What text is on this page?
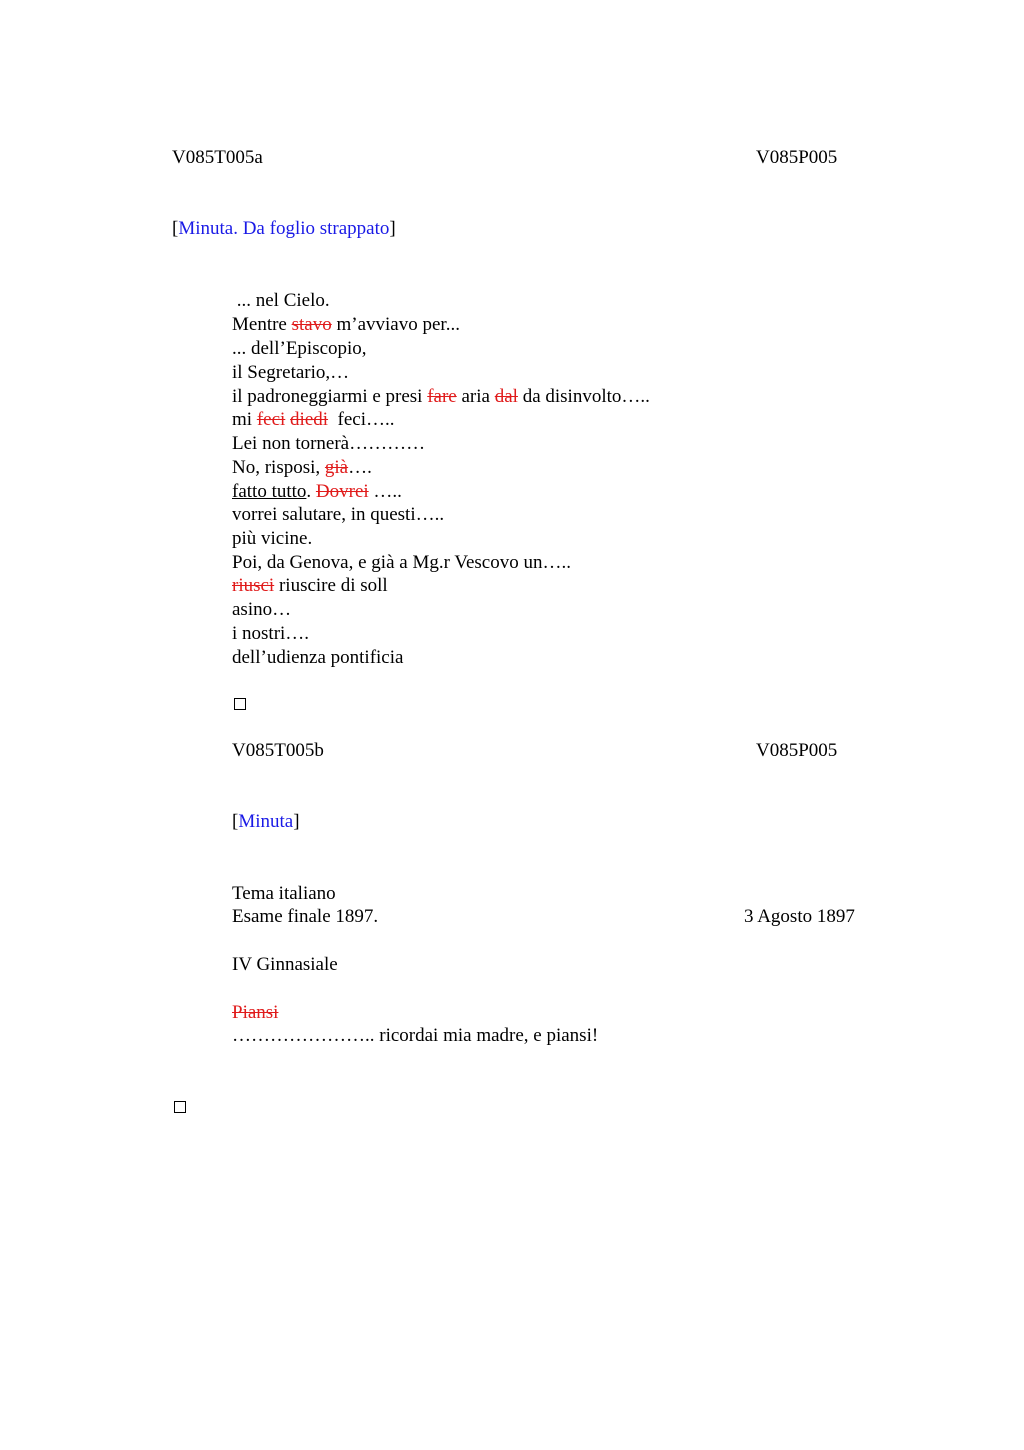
V085T005a	V085P005
[Minuta. Da foglio strappato]
... nel Cielo.
Mentre stavo m’avviavo per...
... dell’Episcopio,
il Segretario,…
il padroneggiarmi e presi fare aria dal da disinvolto…..
mi feci diedi  feci…..
Lei non tornerà…………
No, risposi, già….
fatto tutto. Dovrei …..
vorrei salutare, in questi…..
più vicine.
Poi, da Genova, e già a Mg.r Vescovo un…..
riusci riuscire di soll
asino…
i nostri….
dell’udienza pontificia
V085T005b	V085P005
[Minuta]
Tema italiano
Esame finale 1897.	3 Agosto 1897
IV Ginnasiale
Piansi
………………….. ricordai mia madre, e piansi!
